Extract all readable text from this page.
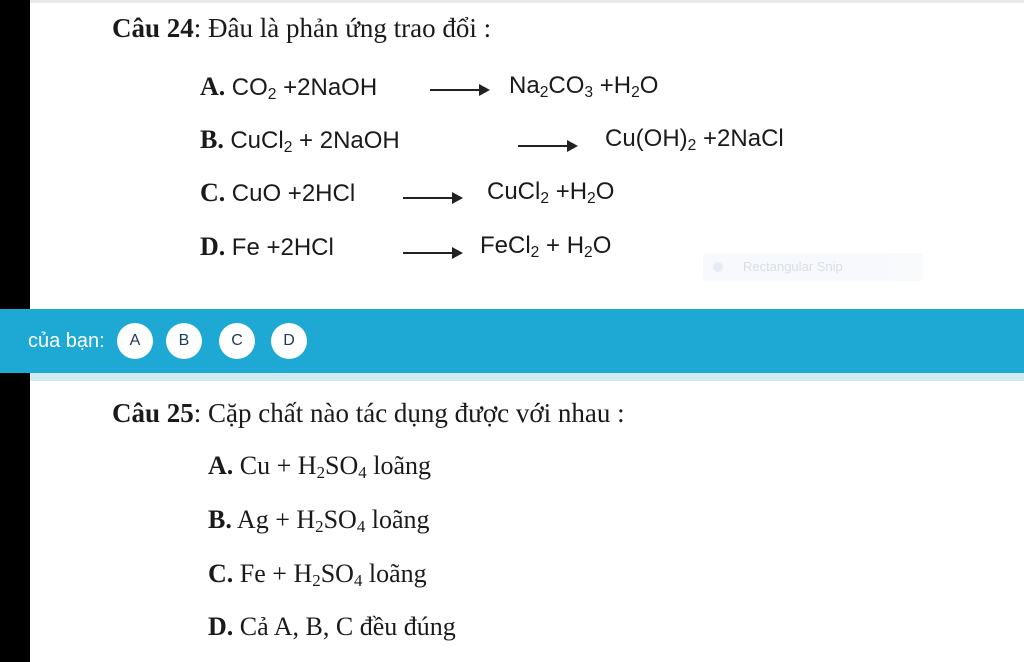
Câu 24: Đâu là phản ứng trao đổi :
A. $CO_2$ +2NaOH	$Na_2CO_3 +H_2O$
B. CuCl$_2$ + 2NaOH	$Cu(OH)_2$ +2NaCl
C. CuO +2HCl	CuCl$_2$ $+H_2O$
D. Fe +2HCl	FeCl$_2$ + $H_2O$
Rectangular Snip
của bạn:	A	B	C	D
Câu 25: Cặp chất nào tác dụng được với nhau :
A. $Cu + H_2SO_4$ loãng
B. $Ag + H_2SO_4$ loãng
C. $Fe + H_2SO_4$ loãng
D. Cả A, B, C đều đúng
